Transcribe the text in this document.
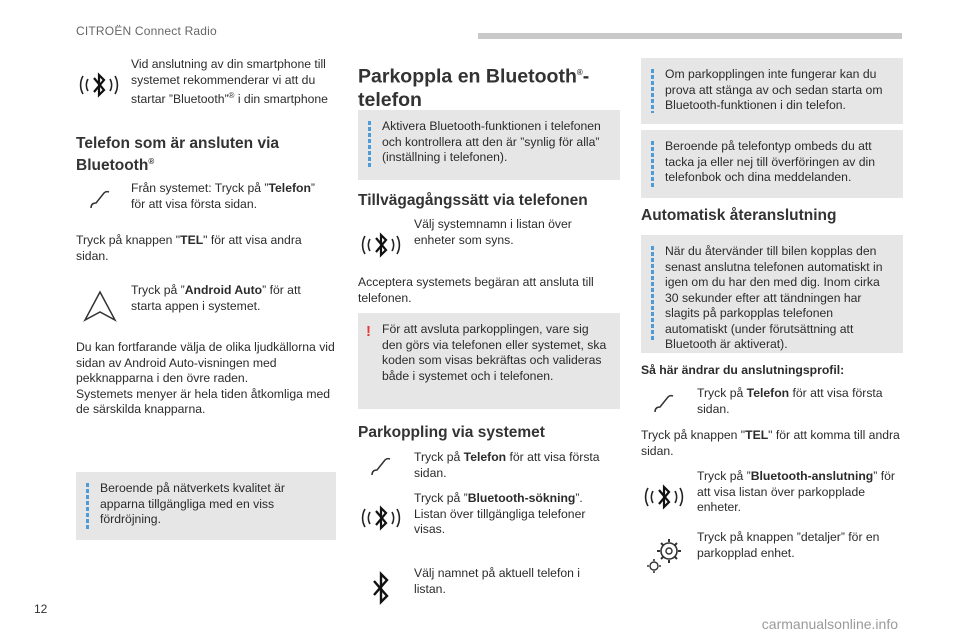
CITROËN Connect Radio
Vid anslutning av din smartphone till systemet rekommenderar vi att du startar ”Bluetooth”® i din smartphone
Telefon som är ansluten via Bluetooth®
Från systemet: Tryck på ”Telefon” för att visa första sidan.
Tryck på knappen "TEL" för att visa andra sidan.
Tryck på ”Android Auto” för att starta appen i systemet.
Du kan fortfarande välja de olika ljudkällorna vid sidan av Android Auto-visningen med pekknapparna i den övre raden.
Systemets menyer är hela tiden åtkomliga med de särskilda knapparna.
Beroende på nätverkets kvalitet är apparna tillgängliga med en viss fördröjning.
Parkoppla en Bluetooth®-telefon
Aktivera Bluetooth-funktionen i telefonen och kontrollera att den är ”synlig för alla” (inställning i telefonen).
Tillvägagångssätt via telefonen
Välj systemnamn i listan över enheter som syns.
Acceptera systemets begäran att ansluta till telefonen.
! För att avsluta parkopplingen, vare sig den görs via telefonen eller systemet, ska koden som visas bekräftas och valideras både i systemet och i telefonen.
Parkoppling via systemet
Tryck på Telefon för att visa första sidan.
Tryck på ”Bluetooth-sökning”. Listan över tillgängliga telefoner visas.
Välj namnet på aktuell telefon i listan.
Om parkopplingen inte fungerar kan du prova att stänga av och sedan starta om Bluetooth-funktionen i din telefon.
Beroende på telefontyp ombeds du att tacka ja eller nej till överföringen av din telefonbok och dina meddelanden.
Automatisk återanslutning
När du återvänder till bilen kopplas den senast anslutna telefonen automatiskt in igen om du har den med dig. Inom cirka 30 sekunder efter att tändningen har slagits på parkopplas telefonen automatiskt (under förutsättning att Bluetooth är aktiverat).
Så här ändrar du anslutningsprofil:
Tryck på Telefon för att visa första sidan.
Tryck på knappen "TEL" för att komma till andra sidan.
Tryck på ”Bluetooth-anslutning” för att visa listan över parkopplade enheter.
Tryck på knappen ”detaljer” för en parkopplad enhet.
12
carmanualsonline.info
